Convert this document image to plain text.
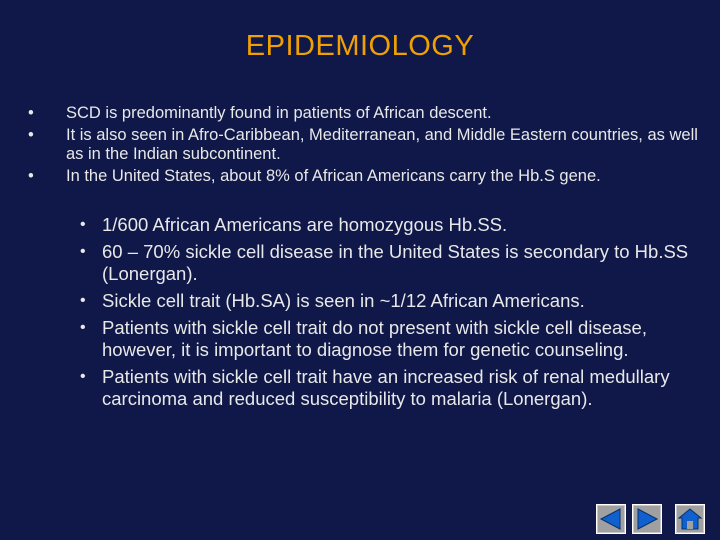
EPIDEMIOLOGY
• SCD is predominantly found in patients of African descent.
• It is also seen in Afro-Caribbean, Mediterranean, and Middle Eastern countries, as well as in the Indian subcontinent.
• In the United States, about 8% of African Americans carry the Hb.S gene.
• 1/600 African Americans are homozygous Hb.SS.
• 60 – 70% sickle cell disease in the United States is secondary to Hb.SS (Lonergan).
• Sickle cell trait (Hb.SA) is seen in ~1/12 African Americans.
• Patients with sickle cell trait do not present with sickle cell disease, however, it is important to diagnose them for genetic counseling.
• Patients with sickle cell trait have an increased risk of renal medullary carcinoma and reduced susceptibility to malaria (Lonergan).
